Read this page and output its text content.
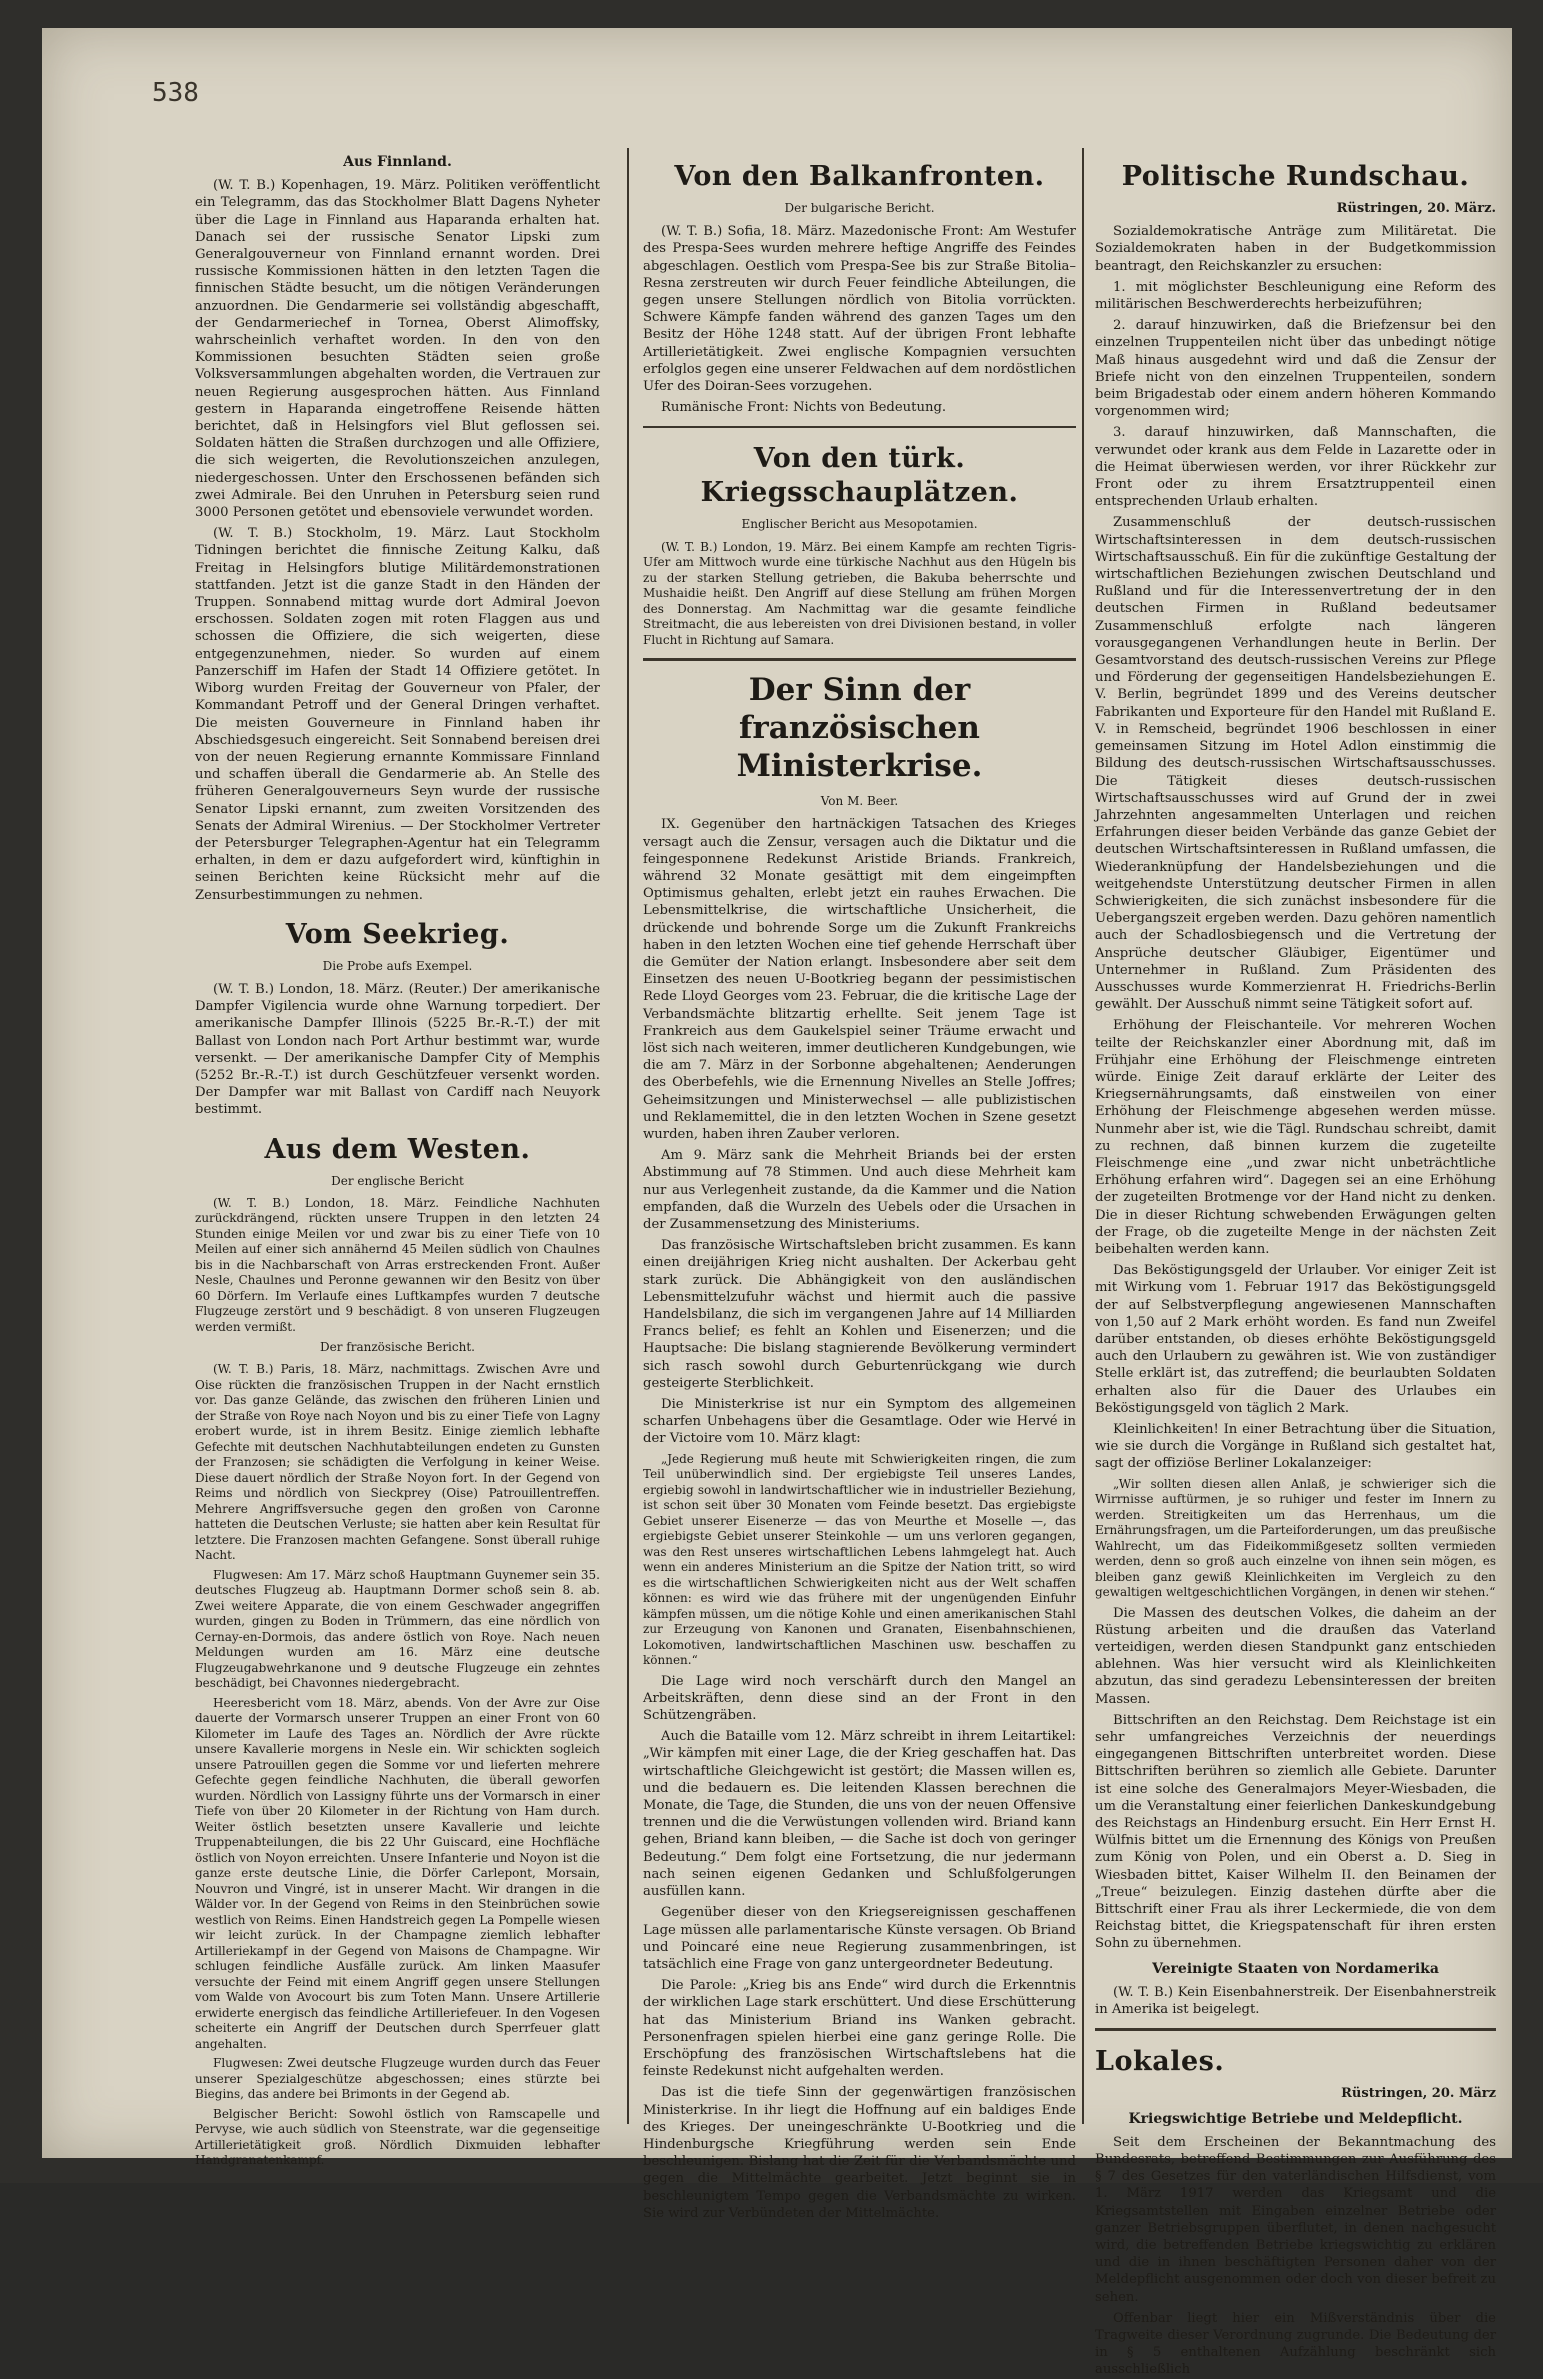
538
Aus Finnland.

(W. T. B.) Kopenhagen, 19. März. Politiken veröffentlicht ein Telegramm, das das Stockholmer Blatt Dagens Nyheter über die Lage in Finnland aus Haparanda erhalten hat. Danach sei der russische Senator Lipski zum Generalgouverneur von Finnland ernannt worden. Drei russische Kommissionen hätten in den letzten Tagen die finnischen Städte besucht, um die nötigen Veränderungen anzuordnen. Die Gendarmerie sei vollständig abgeschafft, der Gendarmeriechef in Tornea, Oberst Alimoffsky, wahrscheinlich verhaftet worden. In den von den Kommissionen besuchten Städten seien große Volksversammlungen abgehalten worden, die Vertrauen zur neuen Regierung ausgesprochen hätten. Aus Finnland gestern in Haparanda eingetroffene Reisende hätten berichtet, daß in Helsingfors viel Blut geflossen sei. Soldaten hätten die Straßen durchzogen und alle Offiziere, die sich weigerten, die Revolutionszeichen anzulegen, niedergeschossen. Unter den Erschossenen befänden sich zwei Admirale. Bei den Unruhen in Petersburg seien rund 3000 Personen getötet und ebensoviele verwundet worden.

(W. T. B.) Stockholm, 19. März. Laut Stockholm Tidningen berichtet die finnische Zeitung Kalku, daß Freitag in Helsingfors blutige Militärdemonstrationen stattfanden. Jetzt ist die ganze Stadt in den Händen der Truppen. Sonnabend mittag wurde dort Admiral Joevon erschossen. Soldaten zogen mit roten Flaggen aus und schossen die Offiziere, die sich weigerten, diese entgegenzunehmen, nieder. So wurden auf einem Panzerschiff im Hafen der Stadt 14 Offiziere getötet. In Wiborg wurden Freitag der Gouverneur von Pfaler, der Kommandant Petroff und der General Dringen verhaftet. Die meisten Gouverneure in Finnland haben ihr Abschiedsgesuch eingereicht. Seit Sonnabend bereisen drei von der neuen Regierung ernannte Kommissare Finnland und schaffen überall die Gendarmerie ab. An Stelle des früheren Generalgouverneurs Seyn wurde der russische Senator Lipski ernannt, zum zweiten Vorsitzenden des Senats der Admiral Wirenius. — Der Stockholmer Vertreter der Petersburger Telegraphen-Agentur hat ein Telegramm erhalten, in dem er dazu aufgefordert wird, künftighin in seinen Berichten keine Rücksicht mehr auf die Zensurbestimmungen zu nehmen.

Vom Seekrieg.
Die Probe aufs Exempel.

(W. T. B.) London, 18. März. (Reuter.) Der amerikanische Dampfer Vigilencia wurde ohne Warnung torpediert. Der amerikanische Dampfer Illinois (5225 Br.-R.-T.) der mit Ballast von London nach Port Arthur bestimmt war, wurde versenkt. — Der amerikanische Dampfer City of Memphis (5252 Br.-R.-T.) ist durch Geschützfeuer versenkt worden. Der Dampfer war mit Ballast von Cardiff nach Neuyork bestimmt.

Aus dem Westen.
Der englische Bericht

(W. T. B.) London, 18. März. Feindliche Nachhuten zurückdrängend, rückten unsere Truppen in den letzten 24 Stunden einige Meilen vor und zwar bis zu einer Tiefe von 10 Meilen auf einer sich annähernd 45 Meilen südlich von Chaulnes bis in die Nachbarschaft von Arras erstreckenden Front. Außer Nesle, Chaulnes und Peronne gewannen wir den Besitz von über 60 Dörfern. Im Verlaufe eines Luftkampfes wurden 7 deutsche Flugzeuge zerstört und 9 beschädigt. 8 von unseren Flugzeugen werden vermißt.

Der französische Bericht.

(W. T. B.) Paris, 18. März, nachmittags. Zwischen Avre und Oise rückten die französischen Truppen in der Nacht ernstlich vor. Das ganze Gelände, das zwischen den früheren Linien und der Straße von Roye nach Noyon und bis zu einer Tiefe von Lagny erobert wurde, ist in ihrem Besitz. Einige ziemlich lebhafte Gefechte mit deutschen Nachhutabteilungen endeten zu Gunsten der Franzosen; sie schädigten die Verfolgung in keiner Weise. Diese dauert nördlich der Straße Noyon fort. In der Gegend von Reims und nördlich von Sieckprey (Oise) Patrouillentreffen. Mehrere Angriffsversuche gegen den großen von Caronne hatteten die Deutschen Verluste; sie hatten aber kein Resultat für letztere. Die Franzosen machten Gefangene. Sonst überall ruhige Nacht.

Flugwesen: Am 17. März schoß Hauptmann Guynemer sein 35. deutsches Flugzeug ab. Hauptmann Dormer schoß sein 8. ab. Zwei weitere Apparate, die von einem Geschwader angegriffen wurden, gingen zu Boden in Trümmern, das eine nördlich von Cernay-en-Dormois, das andere östlich von Roye. Nach neuen Meldungen wurden am 16. März eine deutsche Flugzeugabwehrkanone und 9 deutsche Flugzeuge ein zehntes beschädigt, bei Chavonnes niedergebracht.

Heeresbericht vom 18. März, abends. Von der Avre zur Oise dauerte der Vormarsch unserer Truppen an einer Front von 60 Kilometer im Laufe des Tages an. Nördlich der Avre rückte unsere Kavallerie morgens in Nesle ein. Wir schickten sogleich unsere Patrouillen gegen die Somme vor und lieferten mehrere Gefechte gegen feindliche Nachhuten, die überall geworfen wurden. Nördlich von Lassigny führte uns der Vormarsch in einer Tiefe von über 20 Kilometer in der Richtung von Ham durch. Weiter östlich besetzten unsere Kavallerie und leichte Truppenabteilungen, die bis 22 Uhr Guiscard, eine Hochfläche östlich von Noyon erreichten. Unsere Infanterie und Noyon ist die ganze erste deutsche Linie, die Dörfer Carlepont, Morsain, Nouvron und Vingré, ist in unserer Macht. Wir drangen in die Wälder vor. In der Gegend von Reims in den Steinbrüchen sowie westlich von Reims. Einen Handstreich gegen La Pompelle wiesen wir leicht zurück. In der Champagne ziemlich lebhafter Artilleriekampf in der Gegend von Maisons de Champagne. Wir schlugen feindliche Ausfälle zurück. Am linken Maasufer versuchte der Feind mit einem Angriff gegen unsere Stellungen vom Walde von Avocourt bis zum Toten Mann. Unsere Artillerie erwiderte energisch das feindliche Artilleriefeuer. In den Vogesen scheiterte ein Angriff der Deutschen durch Sperrfeuer glatt angehalten.

Flugwesen: Zwei deutsche Flugzeuge wurden durch das Feuer unserer Spezialgeschütze abgeschossen; eines stürzte bei Biegins, das andere bei Brimonts in der Gegend ab.

Belgischer Bericht: Sowohl östlich von Ramscapelle und Pervyse, wie auch südlich von Steenstrate, war die gegenseitige Artillerietätigkeit groß. Nördlich Dixmuiden lebhafter Handgranatenkampf.

Von den Balkanfronten.
Der bulgarische Bericht.

(W. T. B.) Sofia, 18. März. Mazedonische Front: Am Westufer des Prespa-Sees wurden mehrere heftige Angriffe des Feindes abgeschlagen. Oestlich vom Prespa-See bis zur Straße Bitolia–Resna zerstreuten wir durch Feuer feindliche Abteilungen, die gegen unsere Stellungen nördlich von Bitolia vorrückten. Schwere Kämpfe fanden während des ganzen Tages um den Besitz der Höhe 1248 statt. Auf der übrigen Front lebhafte Artillerietätigkeit. Zwei englische Kompagnien versuchten erfolglos gegen eine unserer Feldwachen auf dem nordöstlichen Ufer des Doiran-Sees vorzugehen.

Rumänische Front: Nichts von Bedeutung.

Von den türk. Kriegsschauplätzen.
Englischer Bericht aus Mesopotamien.

(W. T. B.) London, 19. März. Bei einem Kampfe am rechten Tigris-Ufer am Mittwoch wurde eine türkische Nachhut aus den Hügeln bis zu der starken Stellung getrieben, die Bakuba beherrschte und Mushaidie heißt. Den Angriff auf diese Stellung am frühen Morgen des Donnerstag. Am Nachmittag war die gesamte feindliche Streitmacht, die aus lebereisten von drei Divisionen bestand, in voller Flucht in Richtung auf Samara.

Der Sinn der französischen Ministerkrise.
Von M. Beer.

IX. Gegenüber den hartnäckigen Tatsachen des Krieges versagt auch die Zensur, versagen auch die Diktatur und die feingesponnene Redekunst Aristide Briands. Frankreich, während 32 Monate gesättigt mit dem eingeimpften Optimismus gehalten, erlebt jetzt ein rauhes Erwachen. Die Lebensmittelkrise, die wirtschaftliche Unsicherheit, die drückende und bohrende Sorge um die Zukunft Frankreichs haben in den letzten Wochen eine tief gehende Herrschaft über die Gemüter der Nation erlangt. Insbesondere aber seit dem Einsetzen des neuen U-Bootkrieg begann der pessimistischen Rede Lloyd Georges vom 23. Februar, die die kritische Lage der Verbandsmächte blitzartig erhellte. Seit jenem Tage ist Frankreich aus dem Gaukelspiel seiner Träume erwacht und löst sich nach weiteren, immer deutlicheren Kundgebungen, wie die am 7. März in der Sorbonne abgehaltenen; Aenderungen des Oberbefehls, wie die Ernennung Nivelles an Stelle Joffres; Geheimsitzungen und Ministerwechsel — alle publizistischen und Reklamemittel, die in den letzten Wochen in Szene gesetzt wurden, haben ihren Zauber verloren.

Am 9. März sank die Mehrheit Briands bei der ersten Abstimmung auf 78 Stimmen. Und auch diese Mehrheit kam nur aus Verlegenheit zustande, da die Kammer und die Nation empfanden, daß die Wurzeln des Uebels oder die Ursachen in der Zusammensetzung des Ministeriums.

Das französische Wirtschaftsleben bricht zusammen. Es kann einen dreijährigen Krieg nicht aushalten. Der Ackerbau geht stark zurück. Die Abhängigkeit von den ausländischen Lebensmittelzufuhr wächst und hiermit auch die passive Handelsbilanz, die sich im vergangenen Jahre auf 14 Milliarden Francs belief; es fehlt an Kohlen und Eisenerzen; und die Hauptsache: Die bislang stagnierende Bevölkerung vermindert sich rasch sowohl durch Geburtenrückgang wie durch gesteigerte Sterblichkeit.

Die Ministerkrise ist nur ein Symptom des allgemeinen scharfen Unbehagens über die Gesamtlage. Oder wie Hervé in der Victoire vom 10. März klagt:

„Jede Regierung muß heute mit Schwierigkeiten ringen, die zum Teil unüberwindlich sind. Der ergiebigste Teil unseres Landes, ergiebig sowohl in landwirtschaftlicher wie in industrieller Beziehung, ist schon seit über 30 Monaten vom Feinde besetzt. Das ergiebigste Gebiet unserer Eisenerze — das von Meurthe et Moselle —, das ergiebigste Gebiet unserer Steinkohle — um uns verloren gegangen, was den Rest unseres wirtschaftlichen Lebens lahmgelegt hat. Auch wenn ein anderes Ministerium an die Spitze der Nation tritt, so wird es die wirtschaftlichen Schwierigkeiten nicht aus der Welt schaffen können: es wird wie das frühere mit der ungenügenden Einfuhr kämpfen müssen, um die nötige Kohle und einen amerikanischen Stahl zur Erzeugung von Kanonen und Granaten, Eisenbahnschienen, Lokomotiven, landwirtschaftlichen Maschinen usw. beschaffen zu können.“

Die Lage wird noch verschärft durch den Mangel an Arbeitskräften, denn diese sind an der Front in den Schützengräben.

Auch die Bataille vom 12. März schreibt in ihrem Leitartikel: „Wir kämpfen mit einer Lage, die der Krieg geschaffen hat. Das wirtschaftliche Gleichgewicht ist gestört; die Massen willen es, und die bedauern es. Die leitenden Klassen berechnen die Monate, die Tage, die Stunden, die uns von der neuen Offensive trennen und die die Verwüstungen vollenden wird. Briand kann gehen, Briand kann bleiben, — die Sache ist doch von geringer Bedeutung.“ Dem folgt eine Fortsetzung, die nur jedermann nach seinen eigenen Gedanken und Schlußfolgerungen ausfüllen kann.

Gegenüber dieser von den Kriegsereignissen geschaffenen Lage müssen alle parlamentarische Künste versagen. Ob Briand und Poincaré eine neue Regierung zusammenbringen, ist tatsächlich eine Frage von ganz untergeordneter Bedeutung.

Die Parole: „Krieg bis ans Ende“ wird durch die Erkenntnis der wirklichen Lage stark erschüttert. Und diese Erschütterung hat das Ministerium Briand ins Wanken gebracht. Personenfragen spielen hierbei eine ganz geringe Rolle. Die Erschöpfung des französischen Wirtschaftslebens hat die feinste Redekunst nicht aufgehalten werden.

Das ist die tiefe Sinn der gegenwärtigen französischen Ministerkrise. In ihr liegt die Hoffnung auf ein baldiges Ende des Krieges. Der uneingeschränkte U-Bootkrieg und die Hindenburgsche Kriegführung werden sein Ende beschleunigen. Bislang hat die Zeit für die Verbandsmächte und gegen die Mittelmächte gearbeitet. Jetzt beginnt sie in beschleunigtem Tempo gegen die Verbandsmächte zu wirken. Sie wird zur Verbündeten der Mittelmächte.

Politische Rundschau.
Rüstringen, 20. März.

Sozialdemokratische Anträge zum Militäretat. Die Sozialdemokraten haben in der Budgetkommission beantragt, den Reichskanzler zu ersuchen:

1. mit möglichster Beschleunigung eine Reform des militärischen Beschwerderechts herbeizuführen;

2. darauf hinzuwirken, daß die Briefzensur bei den einzelnen Truppenteilen nicht über das unbedingt nötige Maß hinaus ausgedehnt wird und daß die Zensur der Briefe nicht von den einzelnen Truppenteilen, sondern beim Brigadestab oder einem andern höheren Kommando vorgenommen wird;

3. darauf hinzuwirken, daß Mannschaften, die verwundet oder krank aus dem Felde in Lazarette oder in die Heimat überwiesen werden, vor ihrer Rückkehr zur Front oder zu ihrem Ersatztruppenteil einen entsprechenden Urlaub erhalten.

Zusammenschluß der deutsch-russischen Wirtschaftsinteressen in dem deutsch-russischen Wirtschaftsausschuß. Ein für die zukünftige Gestaltung der wirtschaftlichen Beziehungen zwischen Deutschland und Rußland und für die Interessenvertretung der in den deutschen Firmen in Rußland bedeutsamer Zusammenschluß erfolgte nach längeren vorausgegangenen Verhandlungen heute in Berlin. Der Gesamtvorstand des deutsch-russischen Vereins zur Pflege und Förderung der gegenseitigen Handelsbeziehungen E. V. Berlin, begründet 1899 und des Vereins deutscher Fabrikanten und Exporteure für den Handel mit Rußland E. V. in Remscheid, begründet 1906 beschlossen in einer gemeinsamen Sitzung im Hotel Adlon einstimmig die Bildung des deutsch-russischen Wirtschaftsausschusses. Die Tätigkeit dieses deutsch-russischen Wirtschaftsausschusses wird auf Grund der in zwei Jahrzehnten angesammelten Unterlagen und reichen Erfahrungen dieser beiden Verbände das ganze Gebiet der deutschen Wirtschaftsinteressen in Rußland umfassen, die Wiederanknüpfung der Handelsbeziehungen und die weitgehendste Unterstützung deutscher Firmen in allen Schwierigkeiten, die sich zunächst insbesondere für die Uebergangszeit ergeben werden. Dazu gehören namentlich auch der Schadlosbiegensch und die Vertretung der Ansprüche deutscher Gläubiger, Eigentümer und Unternehmer in Rußland. Zum Präsidenten des Ausschusses wurde Kommerzienrat H. Friedrichs-Berlin gewählt. Der Ausschuß nimmt seine Tätigkeit sofort auf.

Erhöhung der Fleischanteile. Vor mehreren Wochen teilte der Reichskanzler einer Abordnung mit, daß im Frühjahr eine Erhöhung der Fleischmenge eintreten würde. Einige Zeit darauf erklärte der Leiter des Kriegsernährungsamts, daß einstweilen von einer Erhöhung der Fleischmenge abgesehen werden müsse. Nunmehr aber ist, wie die Tägl. Rundschau schreibt, damit zu rechnen, daß binnen kurzem die zugeteilte Fleischmenge eine „und zwar nicht unbeträchtliche Erhöhung erfahren wird“. Dagegen sei an eine Erhöhung der zugeteilten Brotmenge vor der Hand nicht zu denken. Die in dieser Richtung schwebenden Erwägungen gelten der Frage, ob die zugeteilte Menge in der nächsten Zeit beibehalten werden kann.

Das Beköstigungsgeld der Urlauber. Vor einiger Zeit ist mit Wirkung vom 1. Februar 1917 das Beköstigungsgeld der auf Selbstverpflegung angewiesenen Mannschaften von 1,50 auf 2 Mark erhöht worden. Es fand nun Zweifel darüber entstanden, ob dieses erhöhte Beköstigungsgeld auch den Urlaubern zu gewähren ist. Wie von zuständiger Stelle erklärt ist, das zutreffend; die beurlaubten Soldaten erhalten also für die Dauer des Urlaubes ein Beköstigungsgeld von täglich 2 Mark.

Kleinlichkeiten! In einer Betrachtung über die Situation, wie sie durch die Vorgänge in Rußland sich gestaltet hat, sagt der offiziöse Berliner Lokalanzeiger:

„Wir sollten diesen allen Anlaß, je schwieriger sich die Wirrnisse auftürmen, je so ruhiger und fester im Innern zu werden. Streitigkeiten um das Herrenhaus, um die Ernährungsfragen, um die Parteiforderungen, um das preußische Wahlrecht, um das Fideikommißgesetz sollten vermieden werden, denn so groß auch einzelne von ihnen sein mögen, es bleiben ganz gewiß Kleinlichkeiten im Vergleich zu den gewaltigen weltgeschichtlichen Vorgängen, in denen wir stehen.“

Die Massen des deutschen Volkes, die daheim an der Rüstung arbeiten und die draußen das Vaterland verteidigen, werden diesen Standpunkt ganz entschieden ablehnen. Was hier versucht wird als Kleinlichkeiten abzutun, das sind geradezu Lebensinteressen der breiten Massen.

Bittschriften an den Reichstag. Dem Reichstage ist ein sehr umfangreiches Verzeichnis der neuerdings eingegangenen Bittschriften unterbreitet worden. Diese Bittschriften berühren so ziemlich alle Gebiete. Darunter ist eine solche des Generalmajors Meyer-Wiesbaden, die um die Veranstaltung einer feierlichen Dankeskundgebung des Reichstags an Hindenburg ersucht. Ein Herr Ernst H. Wülfnis bittet um die Ernennung des Königs von Preußen zum König von Polen, und ein Oberst a. D. Sieg in Wiesbaden bittet, Kaiser Wilhelm II. den Beinamen der „Treue“ beizulegen. Einzig dastehen dürfte aber die Bittschrift einer Frau als ihrer Leckermiede, die von dem Reichstag bittet, die Kriegspatenschaft für ihren ersten Sohn zu übernehmen.

Vereinigte Staaten von Nordamerika

(W. T. B.) Kein Eisenbahnerstreik. Der Eisenbahnerstreik in Amerika ist beigelegt.

Lokales.
Rüstringen, 20. März
Kriegswichtige Betriebe und Meldepflicht.

Seit dem Erscheinen der Bekanntmachung des Bundesrats, betreffend Bestimmungen zur Ausführung des § 7 des Gesetzes für den vaterländischen Hilfsdienst, vom 1. März 1917 werden das Kriegsamt und die Kriegsamtstellen mit Eingaben einzelner Betriebe oder ganzer Betriebsgruppen überflutet, in denen nachgesucht wird, die betreffenden Betriebe kriegswichtig zu erklären und die in ihnen beschäftigten Personen daher von der Meldepflicht ausgenommen oder doch von dieser befreit zu sehen.

Offenbar liegt hier ein Mißverständnis über die Tragweite dieser Verordnung zugrunde. Die Bedeutung der in § 5 enthaltenen Aufzählung beschränkt sich ausschließlich
